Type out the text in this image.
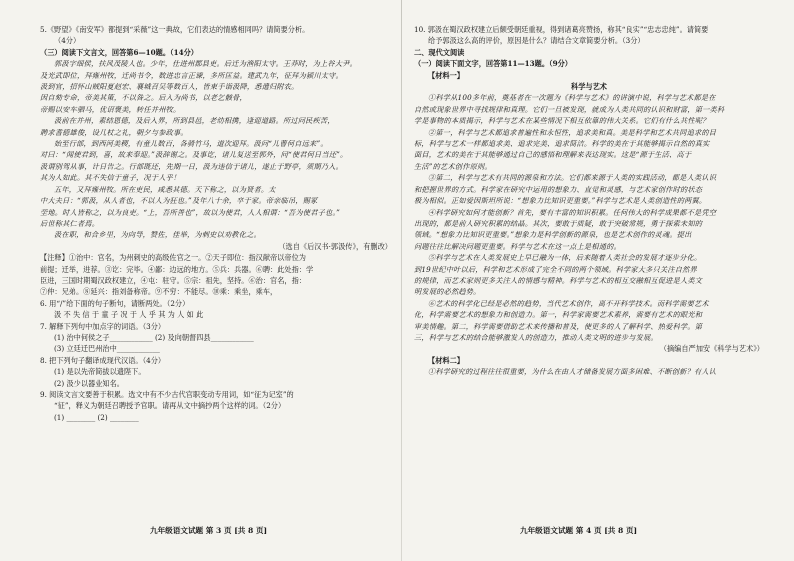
5.《野望》《南安军》都提到“采薇”这一典故，它们表达的情感相同吗？请简要分析。
（4分）
（三）阅读下文言文，回答第6—10题。（14分）
郭汲字细侯，扶风茂陵人也。少年，仕进州郡县吏。后迁为渔阳太守。王莽时，为上谷大尹。
及光武即位，拜雍州牧，迁尚书令，数进忠言正谏，多所匡益。建武九年，征拜为颍川太守。
汲到官，招怀山贼阳夏赵宏、襄城召吴等数百人，皆束手诣汲降，悉遣归附农。
因自劾专命，帝美其策，不以咎之。后入为尚书，以老乞骸骨，
帝赐以安车驷马，优诏褒美，转任并州牧。
汲前在并州，素结恩德，及后入界，所到县邑，老幼相携，逢迎道路。所过问民疾苦，
聘求耆德雄俊，设几杖之礼，朝夕与参政事。
始至行部，到西河美稷，有童儿数百，各骑竹马，道次迎拜。汲问“儿曹何自远来”。
对曰：“闻使君到，喜，故来奉迎。”汲辞谢之。及事讫，诸儿复送至郭外，问“使君何日当还”。
汲谓别驾从事，计日告之。行部既还，先期一日，汲为违信于诸儿，遂止于野亭，须期乃入。
其为人如此。其不失信于童子，况于人乎！
五年，又拜雍州牧。所在吏民，咸悉其德。天下称之，以为贤者。太
中大夫日：“郭汲，从人者也，不以人为狂也。”及年八十余，卒于家。帝亲临吊，赐冢
茔地。时人皆称之，以为良吏。“上，吾所善也”，故以为使君，人人相谓：“吾为使君子也。”
后世称其仁者焉。
汲在职，和合乡里，为向导，赞佐，佳举，为刺史以劝教化之。
（选自《后汉书·郭汲传》，有删改）
【注释】①治中：官名，为州刺史的高级佐官之一。②天子即位：指汉献帝以帝位为
前提；迁举，进荐。③讫：完毕。④鄙：边远的地方。⑤兵：兵器。⑥聘：此处指：学
臣进，三国时期蜀汉政权建立，④屯：驻守。⑤宗：祖先，坚持。⑥治：官名，指：
⑦仲：兄弟。⑧延兴：指刘备称帝。⑨不穷：不能尽。⑩乘：乘坐，乘车，
6. 用“/”给下面的句子断句，请断两处。（2分）
汲 不 失 信 于 童 子 况 于 人 乎 其 为 人 如 此
7. 解释下列句中加点字的词语。（3分）
(1) 治中何侯之子____________ (2) 及向朝督四县____________
(3) 立廷迁巴州治中____________
8. 把下列句子翻译成现代汉语。（4分）
(1) 是以先帝简拔以遗陛下。
(2) 汲少以器业知名。
9. 阅读文言文要善于积累。选文中有不少古代官职变动专用词，如“征为记室”的
“征”，释义为朝廷召聘授予官职。请再从文中摘抄两个这样的词。（2分）
(1) ________ (2) ________
九年级语文试题 第 3 页 [共 8 页]
10. 郭汲在蜀汉政权建立后颇受朝廷重视，得到诸葛亮赞扬，称其“良实”“忠志忠纯”。请简要
给予郭汲这么高的评价，原因是什么？请结合文章简要分析。（3分）
二、现代文阅读
（一）阅读下面文字，回答第11—13题。（9分）
【材料一】
科学与艺术
①科学从100多年前，奠基者在一次题为《科学与艺术》的讲演中说，科学与艺术都是在
自然或现象世界中寻找规律和真理。它们一旦被发现，就成为人类共同的认识和财富，第一类科
学是事物的本质揭示，科学与艺术在某些情况下相互依靠的伟大关系。它们有什么共性呢？
②第一，科学与艺术都追求普遍性和永恒性，追求美和真。美是科学和艺术共同追求的目
标，科学与艺术一样都追求美、追求完美、追求简洁。科学的美在于其能够揭示自然的真实
面目，艺术的美在于其能够通过自己的感悟和理解来表达现实。这是“源于生活、高于
生活”的艺术创作原则。
③第二，科学与艺术有共同的源泉和方法。它们都来源于人类的实践活动，都是人类认识
和把握世界的方式。科学家在研究中运用的想象力、直觉和灵感，与艺术家创作时的状态
极为相似。正如爱因斯坦所说：“想象力比知识更重要。”科学与艺术是人类创造性的两翼。
④科学研究如何才能创新？首先，要有丰富的知识积累。任何伟大的科学成果都不是凭空
出现的，都是前人研究积累的结晶。其次，要敢于质疑，敢于突破常规，勇于探索未知的
领域。“想象力比知识更重要。”想象力是科学创新的源泉，也是艺术创作的灵魂。提出
问题往往比解决问题更重要。科学与艺术在这一点上是相通的。
⑤科学与艺术在人类发展史上早已融为一体，后来随着人类社会的发展才逐步分化。
到19世纪中叶以后，科学和艺术形成了完全不同的两个领域。科学家大多只关注自然界
的规律，而艺术家则更多关注人的情感与精神。科学与艺术的相互交融相互促进是人类文
明发展的必然趋势。
⑥艺术的科学化已经是必然的趋势，当代艺术创作，离不开科学技术。而科学需要艺术
化，科学需要艺术的想象力和创造力。第一，科学家需要艺术素养，需要有艺术的眼光和
审美情趣。第二，科学需要借助艺术来传播和普及，使更多的人了解科学、热爱科学。第
三，科学与艺术的结合能够激发人的创造力，推动人类文明的进步与发展。
（摘编自严加安《科学与艺术》）
【材料二】
①科学研究的过程往往很重要，为什么在由人才储备发展方面多困难、不断创新？有人认
九年级语文试题 第 4 页 [共 8 页]
